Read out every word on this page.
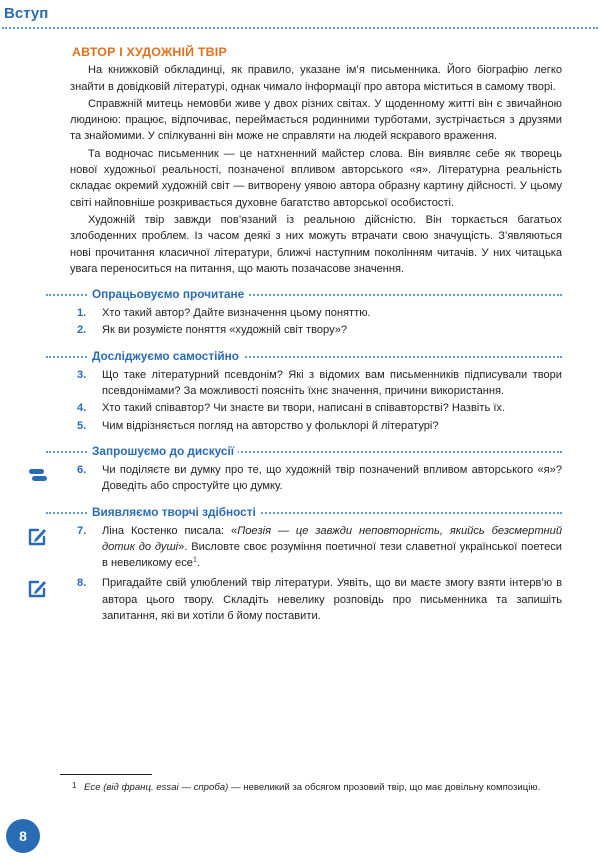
Вступ
АВТОР І ХУДОЖНІЙ ТВІР

На книжковій обкладинці, як правило, указане ім’я письменника. Його біографію легко знайти в довідковій літературі, однак чимало інформації про автора міститься в самому творі.

Справжній митець немовби живе у двох різних світах. У щоденному житті він є звичайною людиною: працює, відпочиває, переймається родинними турботами, зустрічається з друзями та знайомими. У спілкуванні він може не справляти на людей яскравого враження.

Та водночас письменник — це натхненний майстер слова. Він виявляє себе як творець нової художньої реальності, позначеної впливом авторського «я». Літературна реальність складає окремий художній світ — витворену уявою автора образну картину дійсності. У цьому світі найповніше розкривається духовне багатство авторської особистості.

Художній твір завжди пов’язаний із реальною дійсністю. Він торкається багатьох злободенних проблем. Із часом деякі з них можуть втрачати свою значущість. З’являються нові прочитання класичної літератури, ближчі наступним поколінням читачів. У них читацька увага переноситься на питання, що мають позачасове значення.

Опрацьовуємо прочитане
1. Хто такий автор? Дайте визначення цьому поняттю.
2. Як ви розумієте поняття «художній світ твору»?
Досліджуємо самостійно
3. Що таке літературний псевдонім? Які з відомих вам письменників підписували твори псевдонімами? За можливості поясніть їхнє значення, причини використання.
4. Хто такий співавтор? Чи знаєте ви твори, написані в співавторстві? Назвіть їх.
5. Чим відрізняється погляд на авторство у фольклорі й літературі?
Запрошуємо до дискусії
6. Чи поділяєте ви думку про те, що художній твір позначений впливом авторського «я»? Доведіть або спростуйте цю думку.
Виявляємо творчі здібності
7. Ліна Костенко писала: «Поезія — це завжди неповторність, якийсь безсмертний дотик до душі». Висловте своє розуміння поетичної тези славетної української поетеси в невеликому есе$^1$.
8. Пригадайте свій улюблений твір літератури. Уявіть, що ви маєте змогу взяти інтерв’ю в автора цього твору. Складіть невелику розповідь про письменника та запишіть запитання, які ви хотіли б йому поставити.
1 Есе (від франц. essai — спроба) — невеликий за обсягом прозовий твір, що має довільну композицію.
8
